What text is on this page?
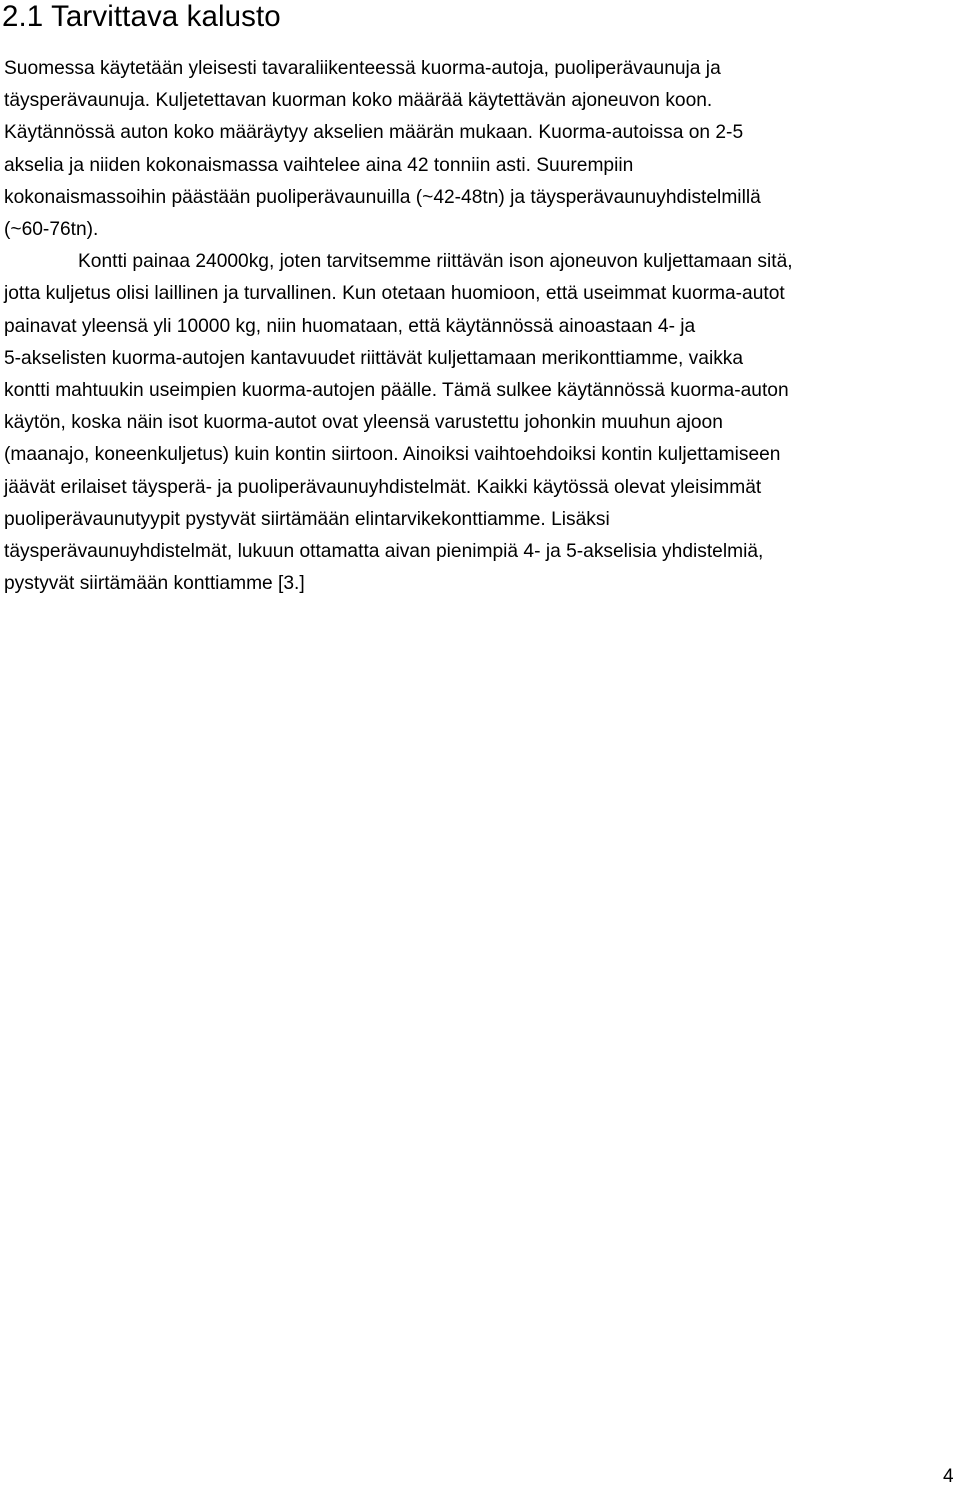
2.1 Tarvittava kalusto
Suomessa käytetään yleisesti tavaraliikenteessä kuorma-autoja, puoliperävaunuja ja
täysperävaunuja. Kuljetettavan kuorman koko määrää käytettävän ajoneuvon koon.
Käytännössä auton koko määräytyy akselien määrän mukaan. Kuorma-autoissa on 2-5
akselia ja niiden kokonaismassa vaihtelee aina 42 tonniin asti. Suurempiin
kokonaismassoihin päästään puoliperävaunuilla (~42-48tn) ja täysperävaunuyhdistelmillä
(~60-76tn).
Kontti painaa 24000kg, joten tarvitsemme riittävän ison ajoneuvon kuljettamaan sitä,
jotta kuljetus olisi laillinen ja turvallinen. Kun otetaan huomioon, että useimmat kuorma-autot
painavat yleensä yli 10000 kg, niin huomataan, että käytännössä ainoastaan 4- ja
5-akselisten kuorma-autojen kantavuudet riittävät kuljettamaan merikonttiamme, vaikka
kontti mahtuukin useimpien kuorma-autojen päälle. Tämä sulkee käytännössä kuorma-auton
käytön, koska näin isot kuorma-autot ovat yleensä varustettu johonkin muuhun ajoon
(maanajo, koneenkuljetus) kuin kontin siirtoon. Ainoiksi vaihtoehdoiksi kontin kuljettamiseen
jäävät erilaiset täysperä- ja puoliperävaunuyhdistelmät. Kaikki käytössä olevat yleisimmät
puoliperävaunutyypit pystyvät siirtämään elintarvikekonttiamme. Lisäksi
täysperävaunuyhdistelmät, lukuun ottamatta aivan pienimpiä 4- ja 5-akselisia yhdistelmiä,
pystyvät siirtämään konttiamme [3.]
4
